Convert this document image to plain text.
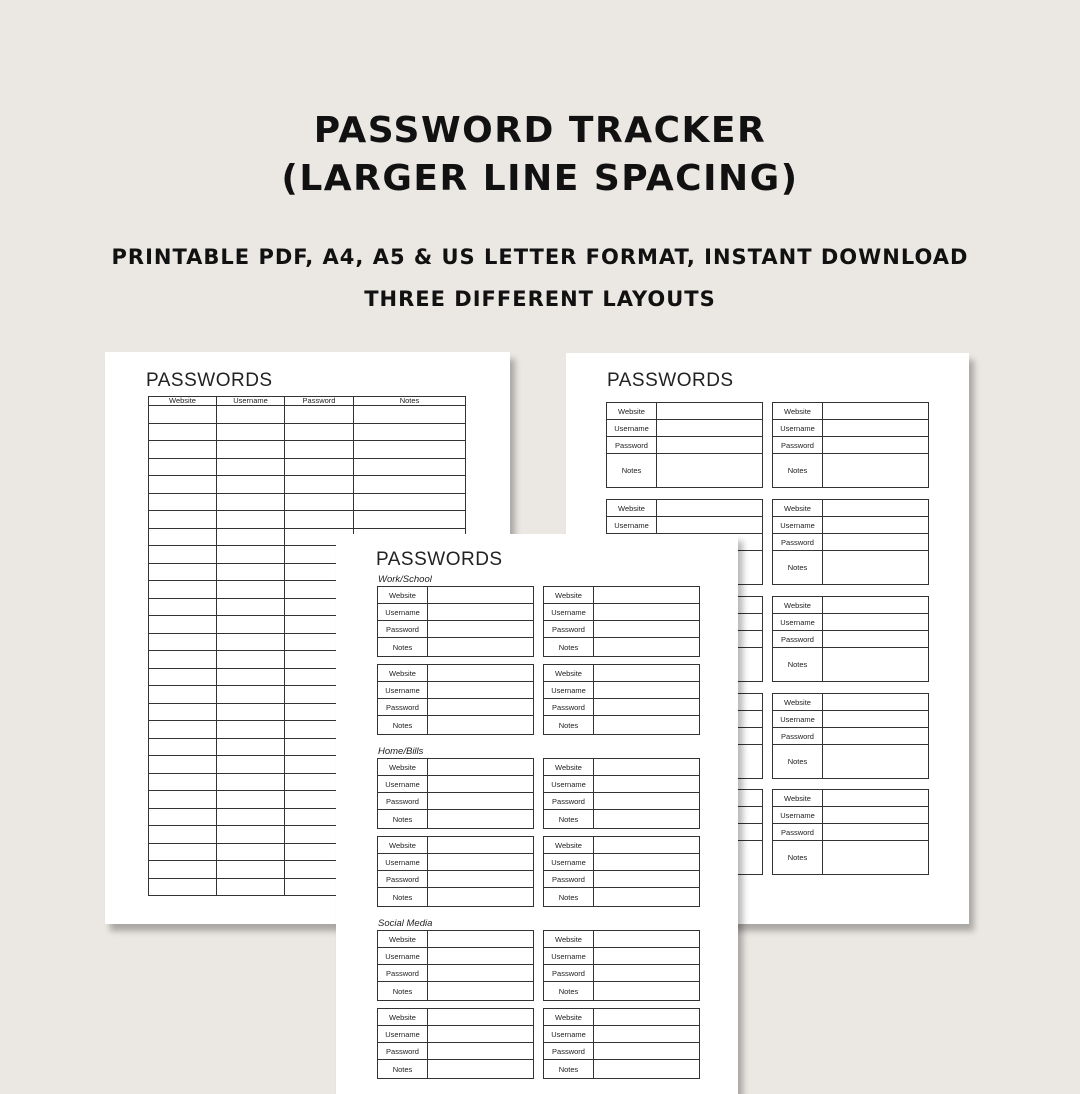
PASSWORD TRACKER
(LARGER LINE SPACING)
PRINTABLE PDF, A4, A5 & US LETTER FORMAT, INSTANT DOWNLOAD
THREE DIFFERENT LAYOUTS
PASSWORDS
Website	Username	Password	Notes

PASSWORDS
Website
Username
Password
Notes
Website
Username
Password
Notes
Website
Username
Website
Username
Password
Notes
Website
Username
Password
Notes
Website
Username
Password
Notes
Website
Username
Password
Notes
PASSWORDS
Work/School
Home/Bills
Social Media
Website
Username
Password
Notes
Website
Username
Password
Notes
Website
Username
Password
Notes
Website
Username
Password
Notes
Website
Username
Password
Notes
Website
Username
Password
Notes
Website
Username
Password
Notes
Website
Username
Password
Notes
Website
Username
Password
Notes
Website
Username
Password
Notes
Website
Username
Password
Notes
Website
Username
Password
Notes
